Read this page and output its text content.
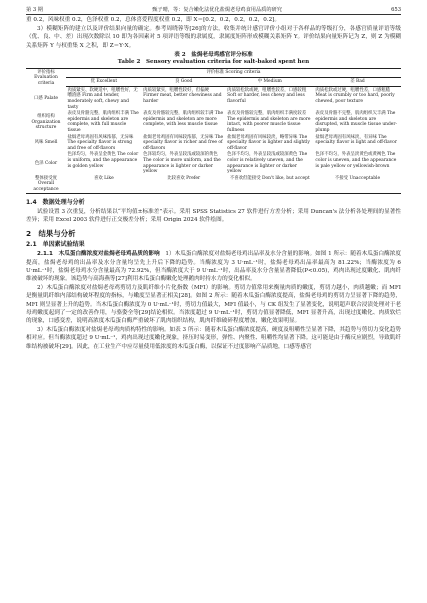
第 3 期	甄子晴，等：复合嫩化法优化盐焗老母鸡食用品质的研究	653

重 0.2，风味权重 0.2，色泽权重 0.2，总体喜爱程度权重 0.2，即 X＝[0.2，0.2，0.2，0.2，0.2]。

3）模糊矩阵的建立以及评价结果向量的确定。参考周晓蓉等[26]的方法，收集并统计感官评价小组对于各样品的等级打分，各感官质量评语等级（优、良、中、差）出现次数除以 10 即为各因素对 5 项评语等级的隶属度，隶属度矩阵形成模糊关系矩阵 Y。评价结果向量矩阵记为 Z，则 Z 为模糊关系矩阵 Y 与权重集 X 之积，即 Z＝Y·X。

表 2　盐焗老母鸡感官评分标准
Table 2　Sensory evaluation criteria for salt-baked spent hen
评价指标 Evaluation criteria	评价标准 Scoring criteria			
	优 Excellent	良 Good	中 Medium	差 Bad
口感 Palate	肉质紧实、软硬适中，咀嚼性好，无嚼渣感 Firm and tender, moderately soft, chewy and tasty	肉质较紧实，咀嚼性较好，但偏硬 Firmer meat, better chewiness and harder	肉质较松软或硬，咀嚼性较差，口感较粗 Soft or harder, less chewy and less flavorful	肉质松软或过硬，咀嚼性差，口感粗糙 Meat is crumbly or too hard, poorly chewed, poor texture
组织结构 Organization structure	表皮及骨骼完整，肌肉组织丰满 The epidermis and skeleton are complete, with full muscle tissue	表皮及骨骼较完整，肌肉组织较丰满 The epidermis and skeleton are more complete, with less muscle tissue	表皮及骨骼较完整，肌肉组织丰满度较差 The epidermis and skeleton are more intact, with poorer muscle tissue fullness	表皮及骨骼不完整，肌肉组织欠丰满 The epidermis and skeleton are disrupted, with muscle tissue under-plump
风味 Smell	盐焗老母鸡固有风味浓郁，无异味 The specialty flavor is strong and free of off-flavors	盐焗老母鸡固有风味较浓郁，无异味 The specialty flavor is richer and free of off-flavors	盐焗老母鸡固有风味较淡，略带异味 The specialty flavor is lighter and slightly off-flavor	盐焗老母鸡固有风味淡，有异味 The specialty flavor is light and off-flavor
色泽 Color	色泽均匀，外表呈金黄色 The color is uniform, and the appearance is golden yellow	色泽较均匀，外表呈较浅或较深的黄色 The color is more uniform, and the appearance is lighter or darker yellow	色泽不均匀，外表呈较浅或较深黄色 The color is relatively uneven, and the appearance is lighter or darker yellow	色泽不均匀，外表呈淡黄色或黄褐色 The color is uneven, and the appearance is pale yellow or yellowish-brown
整体接受度 Overall acceptance	喜欢 Like	比较喜欢 Prefer	不喜欢但能接受 Don't like, but accept	不接受 Unacceptable
1.4　数据处理与分析

试验设置 3 次重复，分析结果以“平均值±标准差”表示。采用 SPSS Statistics 27 软件进行方差分析；采用 Duncan's 法分析各处理间的显著性差异；采用 Excel 2003 软件进行正交极差分析；采用 Origin 2024 软件绘图。

2　结果与分析
2.1　单因素试验结果

2.1.1　木瓜蛋白酶浓度对盐焗老母鸡品质的影响　 1）木瓜蛋白酶浓度对盐焗老母鸡出品率及水分含量的影响。如图 1 所示：随着木瓜蛋白酶浓度提高，盐焗老母鸡的出品率及水分含量均呈先上升后下降的趋势。当酶浓度为 3 U·mL⁻¹时，盐焗老母鸡出品率最高为 81.22%；当酶浓度为 6 U·mL⁻¹时，盐焗老母鸡水分含量最高为 72.92%，但当酶浓度大于 9 U·mL⁻¹时，出品率及水分含量显著降低(P<0.05)，鸡肉出现过度嫩化、肌肉纤维被破坏的现象。该趋势与高海燕等[27]利用木瓜蛋白酶嫩化处理鹅肉时持水力的变化相似。

2）木瓜蛋白酶浓度对盐焗老母鸡剪切力及肌纤维小片化指数（MFI）的影响。剪切力值常用来衡量肉质的嫩度，剪切力越小，肉质越嫩；而 MFI 是衡量肌纤维内部结构破坏程度的指标，与嫩度呈显著正相关[28]。如图 2 所示：随着木瓜蛋白酶浓度提高，盐焗老母鸡的剪切力呈显著下降的趋势，MFI 则呈显著上升的趋势。当木瓜蛋白酶浓度为 0 U·mL⁻¹时，剪切力值最大，MFI 值最小，与 CK 组发生了显著变化，说明超声联合浸渍处理对于老母鸡嫩度起到了一定的改善作用，与骆姿全等[29]结论相似。当浓度超过 9 U·mL⁻¹时，剪切力值显著降低，MFI 显著升高，出现过度嫩化、肉质软烂的现象，口感变差，说明高浓度木瓜蛋白酶严重破坏了肌肉组织结构，肌肉纤维破碎程度增加，嫩化效果明显。

3）木瓜蛋白酶浓度对盐焗老母鸡肉质构特性的影响。如表 3 所示：随着木瓜蛋白酶浓度提高，硬度及咀嚼性呈显著下降，其趋势与剪切力变化趋势相对应。但当酶浓度超过 9 U·mL⁻¹，鸡肉出现过度嫩化现象，挤压时易变形，弹性、内聚性、咀嚼性均显著下降。这可能是由于酶反应剧烈，导致肌纤维结构被破坏[29]。因此，在工业生产中应尽量使用低浓度的木瓜蛋白酶，以保证不过度影响产品质地，口感等感官
